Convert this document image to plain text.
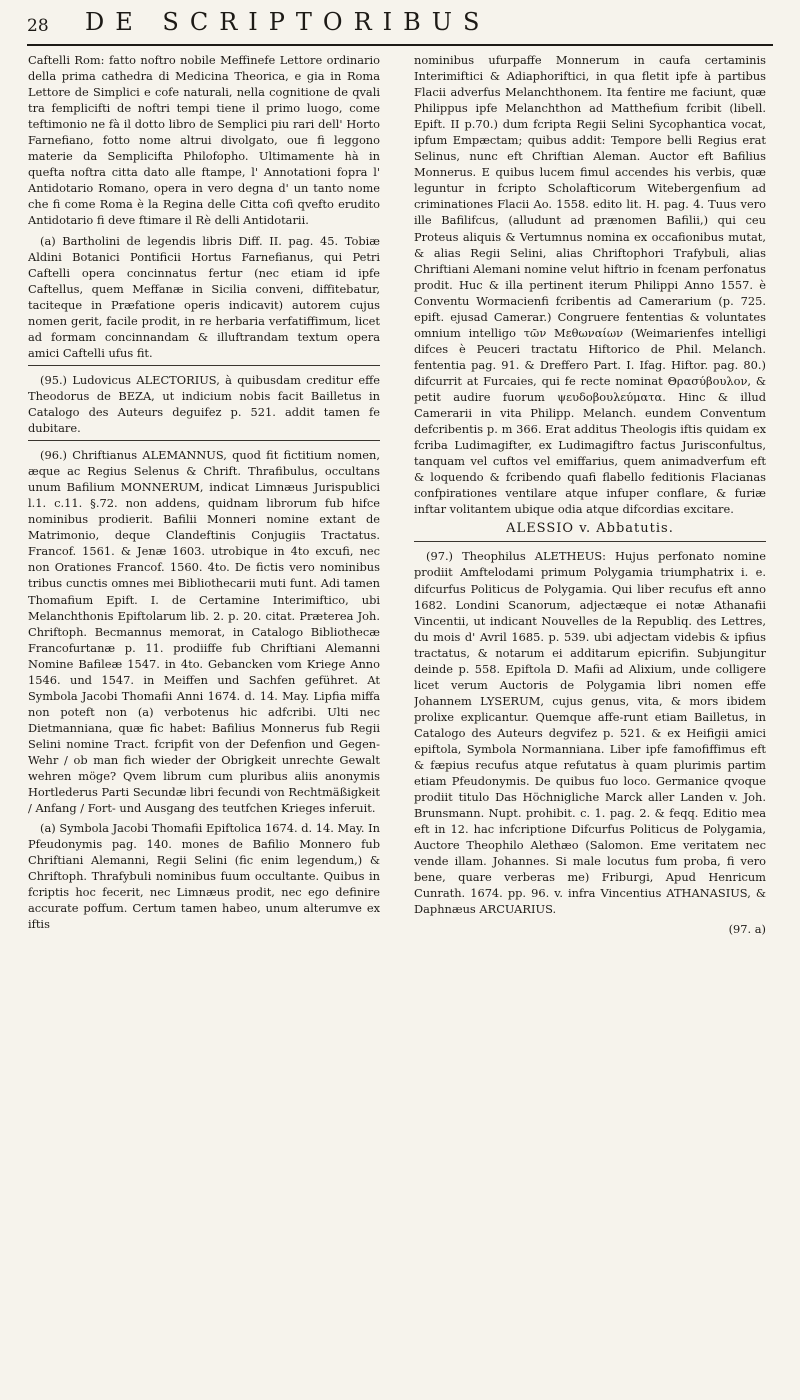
28 DE SCRIPTORIBUS

Caftelli Rom: fatto noftro nobile Meffinefe Lettore ordinario della prima cathedra di Medicina Theorica, e gia in Roma Lettore de Simplici e cofe naturali, nella cognitione de qvali tra femplicifti de noftri tempi tiene il primo luogo, come teftimonio ne fà il dotto libro de Semplici piu rari dell' Horto Farnefiano, fotto nome altrui divolgato, oue fi leggono materie da Semplicifta Philofopho. Ultimamente hà in quefta noftra citta dato alle ftampe, l' Annotationi fopra l' Antidotario Romano, opera in vero degna d' un tanto nome che fi come Roma è la Regina delle Citta cofi qvefto erudito Antidotario fi deve ftimare il Rè delli Antidotarii.

(a) Bartholini de legendis libris Diff. II. pag. 45. Tobiæ Aldini Botanici Pontificii Hortus Farnefianus, qui Petri Caftelli opera concinnatus fertur (nec etiam id ipfe Caftellus, quem Meffanæ in Sicilia conveni, diffitebatur, taciteque in Præfatione operis indicavit) autorem cujus nomen gerit, facile prodit, in re herbaria verfatiffimum, licet ad formam concinnandam & illuftrandam textum opera amici Caftelli ufus fit.

(95.) Ludovicus ALECTORIUS, à quibusdam creditur effe Theodorus de BEZA, ut indicium nobis facit Bailletus in Catalogo des Auteurs deguifez p. 521. addit tamen fe dubitare.

(96.) Chriftianus ALEMANNUS, quod fit fictitium nomen, æque ac Regius Selenus & Chrift. Thrafibulus, occultans unum Bafilium MONNERUM, indicat Limnæus Jurispublici l.1. c.11. §.72. non addens, quidnam librorum fub hifce nominibus prodierit. Bafilii Monneri nomine extant de Matrimonio, deque Clandeftinis Conjugiis Tractatus. Francof. 1561. & Jenæ 1603. utrobique in 4to excufi, nec non Orationes Francof. 1560. 4to. De fictis vero nominibus tribus cunctis omnes mei Bibliothecarii muti funt. Adi tamen Thomafium Epift. I. de Certamine Interimiftico, ubi Melanchthonis Epiftolarum lib. 2. p. 20. citat. Præterea Joh. Chriftoph. Becmannus memorat, in Catalogo Bibliothecæ Francofurtanæ p. 11. prodiiffe fub Chriftiani Alemanni Nomine Bafileæ 1547. in 4to. Gebancken vom Kriege Anno 1546. und 1547. in Meiffen und Sachfen geführet. At Symbola Jacobi Thomafii Anni 1674. d. 14. May. Lipfia miffa non poteft non (a) verbotenus hic adfcribi. Ulti nec Dietmanniana, quæ fic habet: Bafilius Monnerus fub Regii Selini nomine Tract. fcripfit von der Defenfion und Gegen-Wehr / ob man fich wieder der Obrigkeit unrechte Gewalt wehren möge? Qvem librum cum pluribus aliis anonymis Hortlederus Parti Secundæ libri fecundi von Rechtmäßigkeit / Anfang / Fort- und Ausgang des teutfchen Krieges inferuit.

(a) Symbola Jacobi Thomafii Epiftolica 1674. d. 14. May. In Pfeudonymis pag. 140. mones de Bafilio Monnero fub Chriftiani Alemanni, Regii Selini (fic enim legendum,) & Chriftoph. Thrafybuli nominibus fuum occultante. Quibus in fcriptis hoc fecerit, nec Limnæus prodit, nec ego definire accurate poffum. Certum tamen habeo, unum alterumve ex iftis

nominibus ufurpaffe Monnerum in caufa certaminis Interimiftici & Adiaphoriftici, in qua fletit ipfe à partibus Flacii adverfus Melanchthonem. Ita fentire me faciunt, quæ Philippus ipfe Melanchthon ad Matthefium fcribit (libell. Epift. II p.70.) dum fcripta Regii Selini Sycophantica vocat, ipfum Empæctam; quibus addit: Tempore belli Regius erat Selinus, nunc eft Chriftian Aleman. Auctor eft Bafilius Monnerus. E quibus lucem fimul accendes his verbis, quæ leguntur in fcripto Scholafticorum Witebergenfium ad criminationes Flacii Ao. 1558. edito lit. H. pag. 4. Tuus vero ille Bafilifcus, (alludunt ad prænomen Bafilii,) qui ceu Proteus aliquis & Vertumnus nomina ex occafionibus mutat, & alias Regii Selini, alias Chriftophori Trafybuli, alias Chriftiani Alemani nomine velut hiftrio in fcenam perfonatus prodit. Huc & illa pertinent iterum Philippi Anno 1557. è Conventu Wormacienfi fcribentis ad Camerarium (p. 725. epift. ejusad Camerar.) Congruere fententias & voluntates omnium intelligo τῶν Μεθωναίων (Weimarienfes intelligi difces è Peuceri tractatu Hiftorico de Phil. Melanch. fententia pag. 91. & Dreffero Part. I. Ifag. Hiftor. pag. 80.) difcurrit at Furcaies, qui fe recte nominat Θρασύβουλον, & petit audire fuorum ψευδοβουλεύματα. Hinc & illud Camerarii in vita Philipp. Melanch. eundem Conventum defcribentis p. m 366. Erat additus Theologis iftis quidam ex fcriba Ludimagifter, ex Ludimagiftro factus Jurisconfultus, tanquam vel cuftos vel emiffarius, quem animadverfum eft & loquendo & fcribendo quafi flabello feditionis Flacianas confpirationes ventilare atque infuper conflare, & furiæ inftar volitantem ubique odia atque difcordias excitare.

ALESSIO v. Abbatutis.

(97.) Theophilus ALETHEUS: Hujus perfonato nomine prodiit Amftelodami primum Polygamia triumphatrix i. e. difcurfus Politicus de Polygamia. Qui liber recufus eft anno 1682. Londini Scanorum, adjectæque ei notæ Athanafii Vincentii, ut indicant Nouvelles de la Republiq. des Lettres, du mois d' Avril 1685. p. 539. ubi adjectam videbis & ipfius tractatus, & notarum ei additarum epicrifin. Subjungitur deinde p. 558. Epiftola D. Mafii ad Alixium, unde colligere licet verum Auctoris de Polygamia libri nomen effe Johannem LYSERUM, cujus genus, vita, & mors ibidem prolixe explicantur. Quemque affe-runt etiam Bailletus, in Catalogo des Auteurs degvifez p. 521. & ex Heifigii amici epiftola, Symbola Normanniana. Liber ipfe famofiffimus eft & fæpius recufus atque refutatus à quam plurimis partim etiam Pfeudonymis. De quibus fuo loco. Germanice qvoque prodiit titulo Das Höchnigliche Marck aller Landen v. Joh. Brunsmann. Nupt. prohibit. c. 1. pag. 2. & feqq. Editio mea eft in 12. hac infcriptione Difcurfus Politicus de Polygamia, Auctore Theophilo Alethæo (Salomon. Eme veritatem nec vende illam. Johannes. Si male locutus fum proba, fi vero bene, quare verberas me) Friburgi, Apud Henricum Cunrath. 1674. pp. 96. v. infra Vincentius ATHANASIUS, & Daphnæus ARCUARIUS.

(97. a)
